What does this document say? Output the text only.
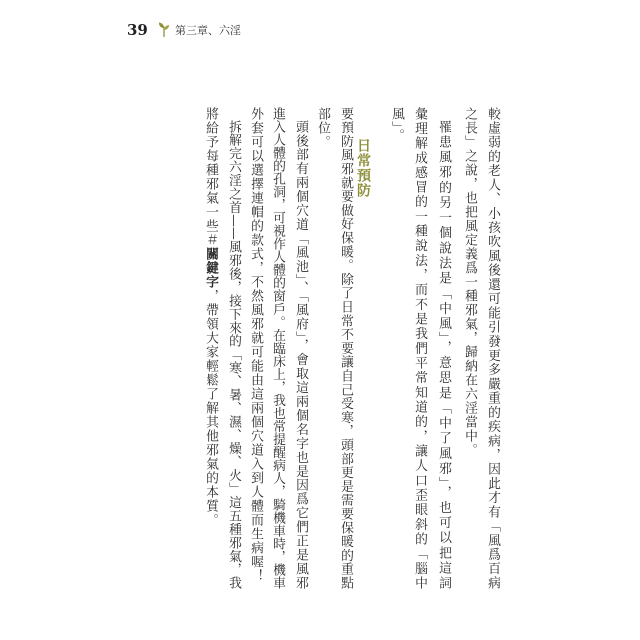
39 第三章、六淫

較虛弱的老人、小孩吹風後還可能引發更多嚴重的疾病，因此才有「風爲百病

之長」之說，也把風定義爲一種邪氣，歸納在六淫當中。

罹患風邪的另一個說法是「中風」，意思是「中了風邪」，也可以把這詞

彙理解成感冒的一種說法，而不是我們平常知道的，讓人口歪眼斜的「腦中

風」。

日常預防

要預防風邪就要做好保暖。除了日常不要讓自己受寒，頭部更是需要保暖的重點

部位。

頭後部有兩個穴道「風池」、「風府」，會取這兩個名字也是因爲它們正是風邪

進入人體的孔洞，可視作人體的窗戶。在臨床上，我也常提醒病人，騎機車時，機車

外套可以選擇連帽的款式，不然風邪就可能由這兩個穴道入到人體而生病喔！

拆解完六淫之首——風邪後，接下來的「寒、暑、濕、燥、火」這五種邪氣，我

將給予每種邪氣一些＃關鍵字，帶領大家輕鬆了解其他邪氣的本質。
